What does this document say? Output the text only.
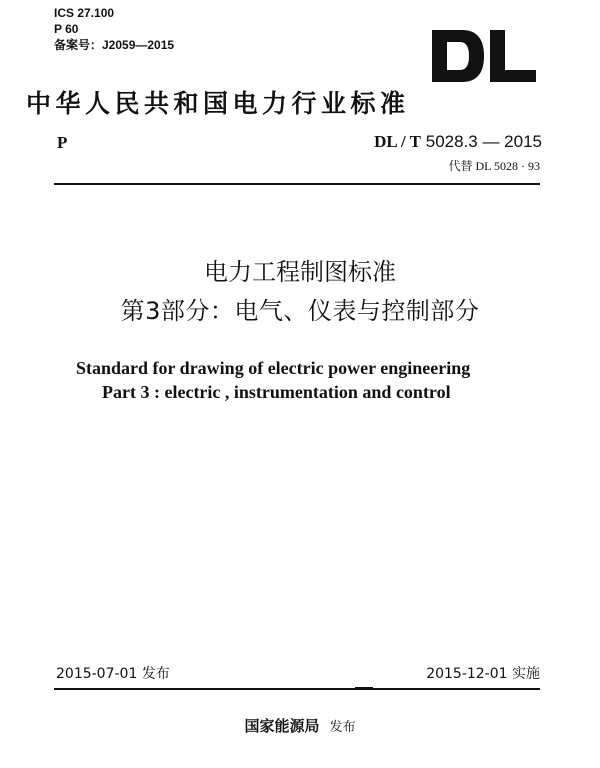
ICS 27.100
P 60
备案号：J2059—2015
中华人民共和国电力行业标准
P	DL / T 5028.3 — 2015
代替 DL 5028 · 93
电力工程制图标准
第3部分：电气、仪表与控制部分
Standard for drawing of electric power engineering
Part 3 : electric , instrumentation and control
2015-07-01 发布	2015-12-01 实施
国家能源局 发布
